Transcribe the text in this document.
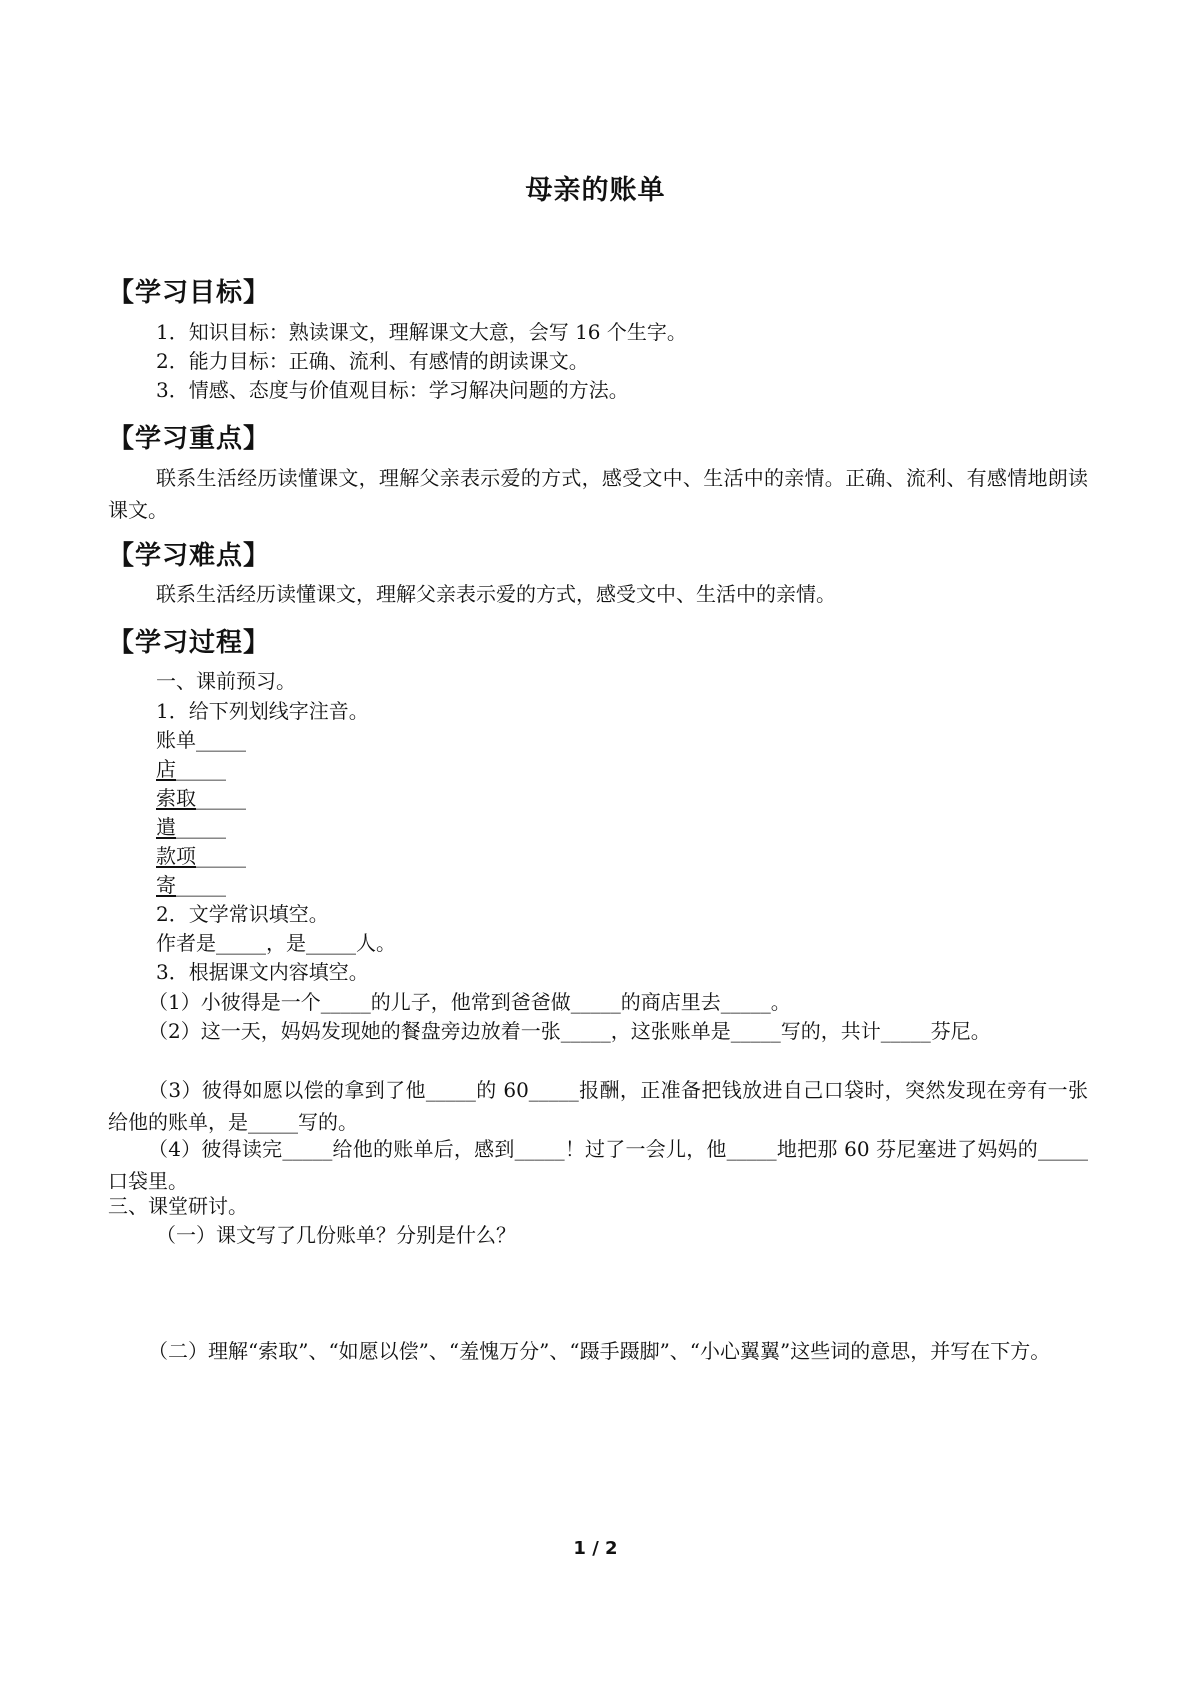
母亲的账单
【学习目标】
1．知识目标：熟读课文，理解课文大意，会写 16 个生字。
2．能力目标：正确、流利、有感情的朗读课文。
3．情感、态度与价值观目标：学习解决问题的方法。
【学习重点】
联系生活经历读懂课文，理解父亲表示爱的方式，感受文中、生活中的亲情。正确、流利、有感情地朗读课文。
【学习难点】
联系生活经历读懂课文，理解父亲表示爱的方式，感受文中、生活中的亲情。
【学习过程】
一、课前预习。
1．给下列划线字注音。
账单_____
店_____
索取_____
遣_____
款项_____
寄_____
2．文学常识填空。
作者是_____，是_____人。
3．根据课文内容填空。
（1）小彼得是一个_____的儿子，他常到爸爸做_____的商店里去_____。
（2）这一天，妈妈发现她的餐盘旁边放着一张_____，这张账单是_____写的，共计_____芬尼。
（3）彼得如愿以偿的拿到了他_____的 60_____报酬，正准备把钱放进自己口袋时，突然发现在旁有一张给他的账单，是_____写的。
（4）彼得读完_____给他的账单后，感到_____！过了一会儿，他_____地把那 60 芬尼塞进了妈妈的_____口袋里。
三、课堂研讨。
（一）课文写了几份账单？分别是什么？
（二）理解“索取”、“如愿以偿”、“羞愧万分”、“蹑手蹑脚”、“小心翼翼”这些词的意思，并写在下方。
1 / 2
